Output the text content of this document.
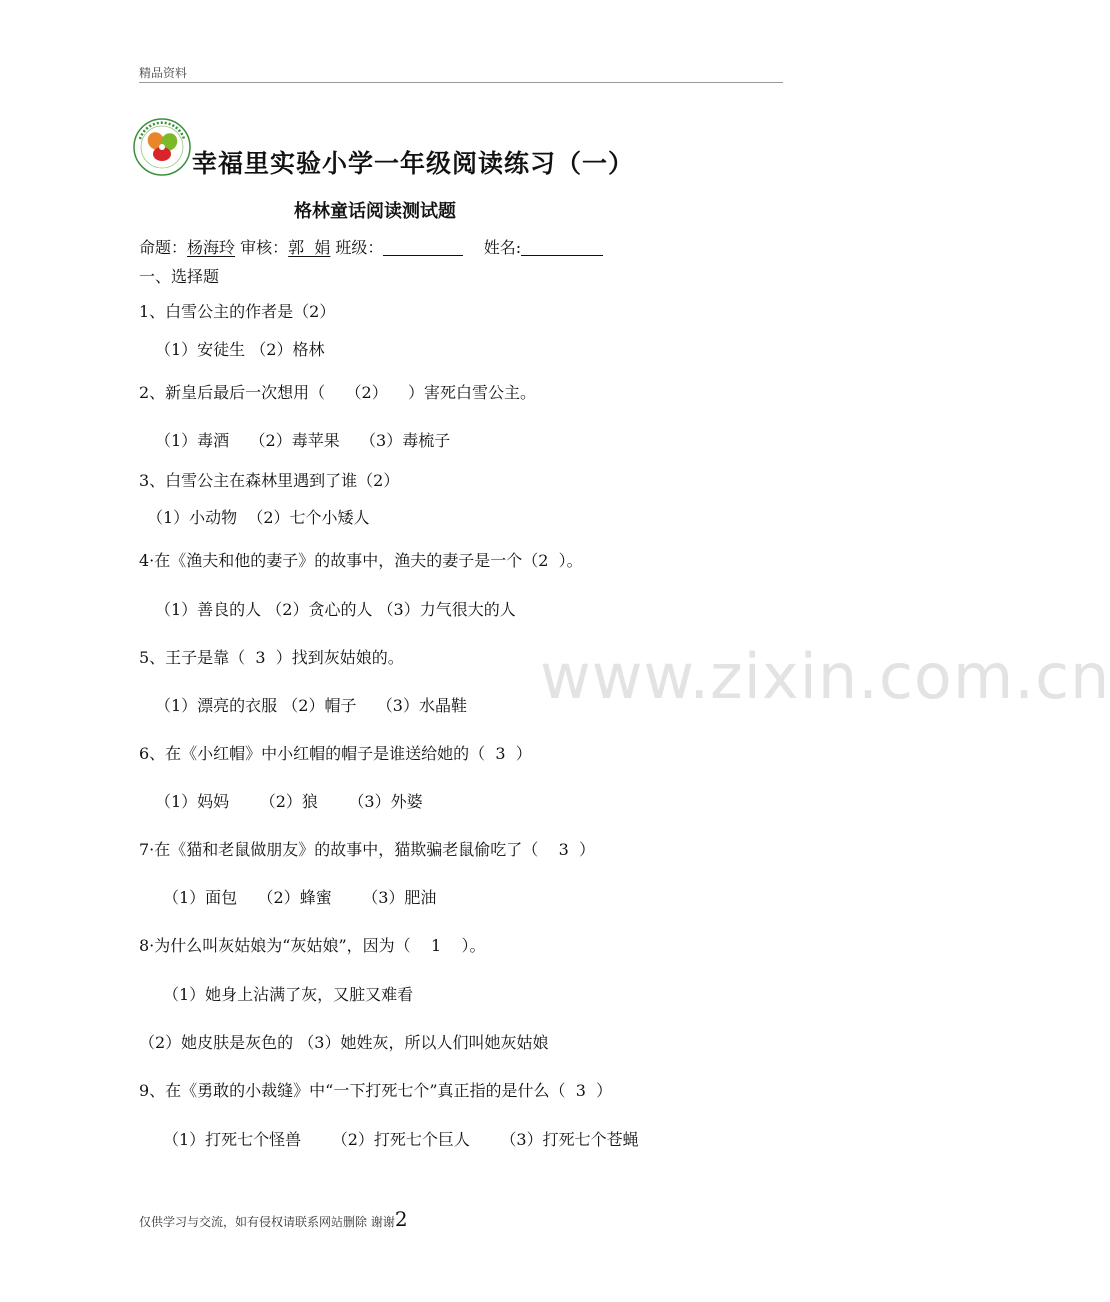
精品资料
幸福里实验小学一年级阅读练习（一）
格林童话阅读测试题
命题：杨海玲 审核：郭  娟 班级：	姓名:
一、选择题
1、白雪公主的作者是（2）
（1）安徒生 （2）格林
2、新皇后最后一次想用（    （2）    ）害死白雪公主。
（1）毒酒    （2）毒苹果    （3）毒梳子
3、白雪公主在森林里遇到了谁（2）
（1）小动物  （2）七个小矮人
4·在《渔夫和他的妻子》的故事中，渔夫的妻子是一个（2  ）。
（1）善良的人 （2）贪心的人 （3）力气很大的人
5、王子是靠（  3  ）找到灰姑娘的。
（1）漂亮的衣服 （2）帽子    （3）水晶鞋
6、在《小红帽》中小红帽的帽子是谁送给她的（  3  ）
（1）妈妈      （2）狼      （3）外婆
7·在《猫和老鼠做朋友》的故事中，猫欺骗老鼠偷吃了（    3  ）
（1）面包    （2）蜂蜜      （3）肥油
8·为什么叫灰姑娘为“灰姑娘”，因为（    1    ）。
（1）她身上沾满了灰，又脏又难看
（2）她皮肤是灰色的 （3）她姓灰，所以人们叫她灰姑娘
9、在《勇敢的小裁缝》中“一下打死七个”真正指的是什么（  3  ）
（1）打死七个怪兽      （2）打死七个巨人      （3）打死七个苍蝇
www.zixin.com.cn
仅供学习与交流，如有侵权请联系网站删除 谢谢2
